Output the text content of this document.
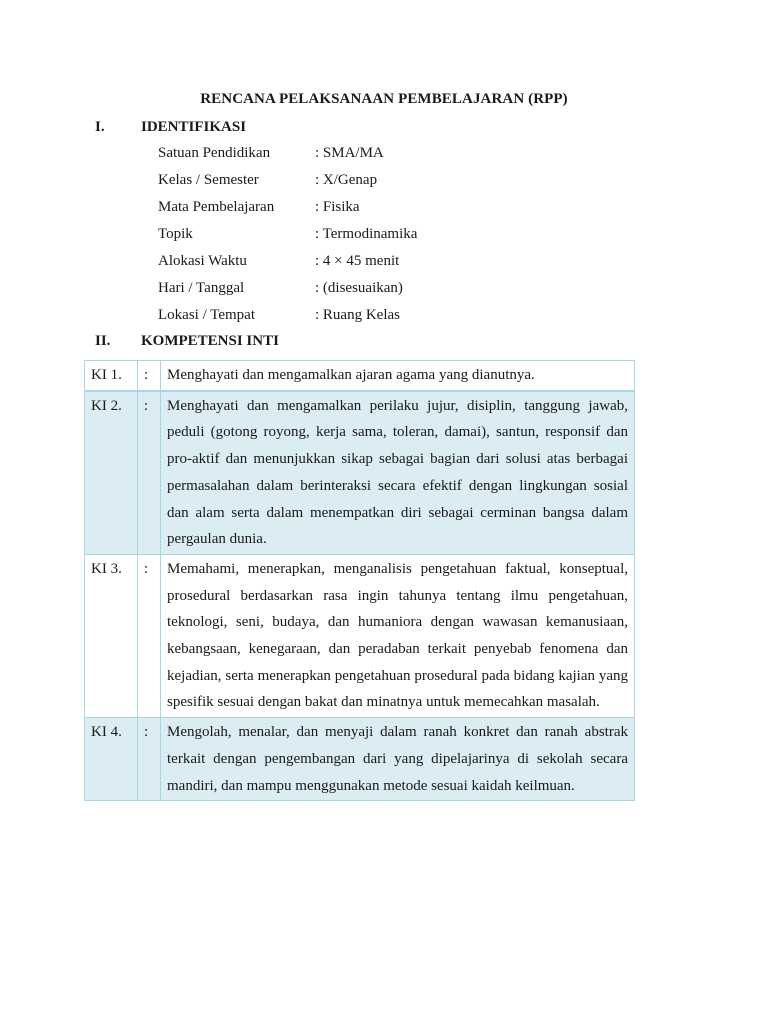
RENCANA PELAKSANAAN PEMBELAJARAN (RPP)
I. IDENTIFIKASI
Satuan Pendidikan	: SMA/MA
Kelas / Semester	: X/Genap
Mata Pembelajaran	: Fisika
Topik	: Termodinamika
Alokasi Waktu	: 4 × 45 menit
Hari / Tanggal	: (disesuaikan)
Lokasi / Tempat	: Ruang Kelas
II. KOMPETENSI INTI
KI 1.	:	Menghayati dan mengamalkan ajaran agama yang dianutnya.
KI 2.	:	Menghayati dan mengamalkan perilaku jujur, disiplin, tanggung jawab, peduli (gotong royong, kerja sama, toleran, damai), santun, responsif dan pro-aktif dan menunjukkan sikap sebagai bagian dari solusi atas berbagai permasalahan dalam berinteraksi secara efektif dengan lingkungan sosial dan alam serta dalam menempatkan diri sebagai cerminan bangsa dalam pergaulan dunia.
KI 3.	:	Memahami, menerapkan, menganalisis pengetahuan faktual, konseptual, prosedural berdasarkan rasa ingin tahunya tentang ilmu pengetahuan, teknologi, seni, budaya, dan humaniora dengan wawasan kemanusiaan, kebangsaan, kenegaraan, dan peradaban terkait penyebab fenomena dan kejadian, serta menerapkan pengetahuan prosedural pada bidang kajian yang spesifik sesuai dengan bakat dan minatnya untuk memecahkan masalah.
KI 4.	:	Mengolah, menalar, dan menyaji dalam ranah konkret dan ranah abstrak terkait dengan pengembangan dari yang dipelajarinya di sekolah secara mandiri, dan mampu menggunakan metode sesuai kaidah keilmuan.
